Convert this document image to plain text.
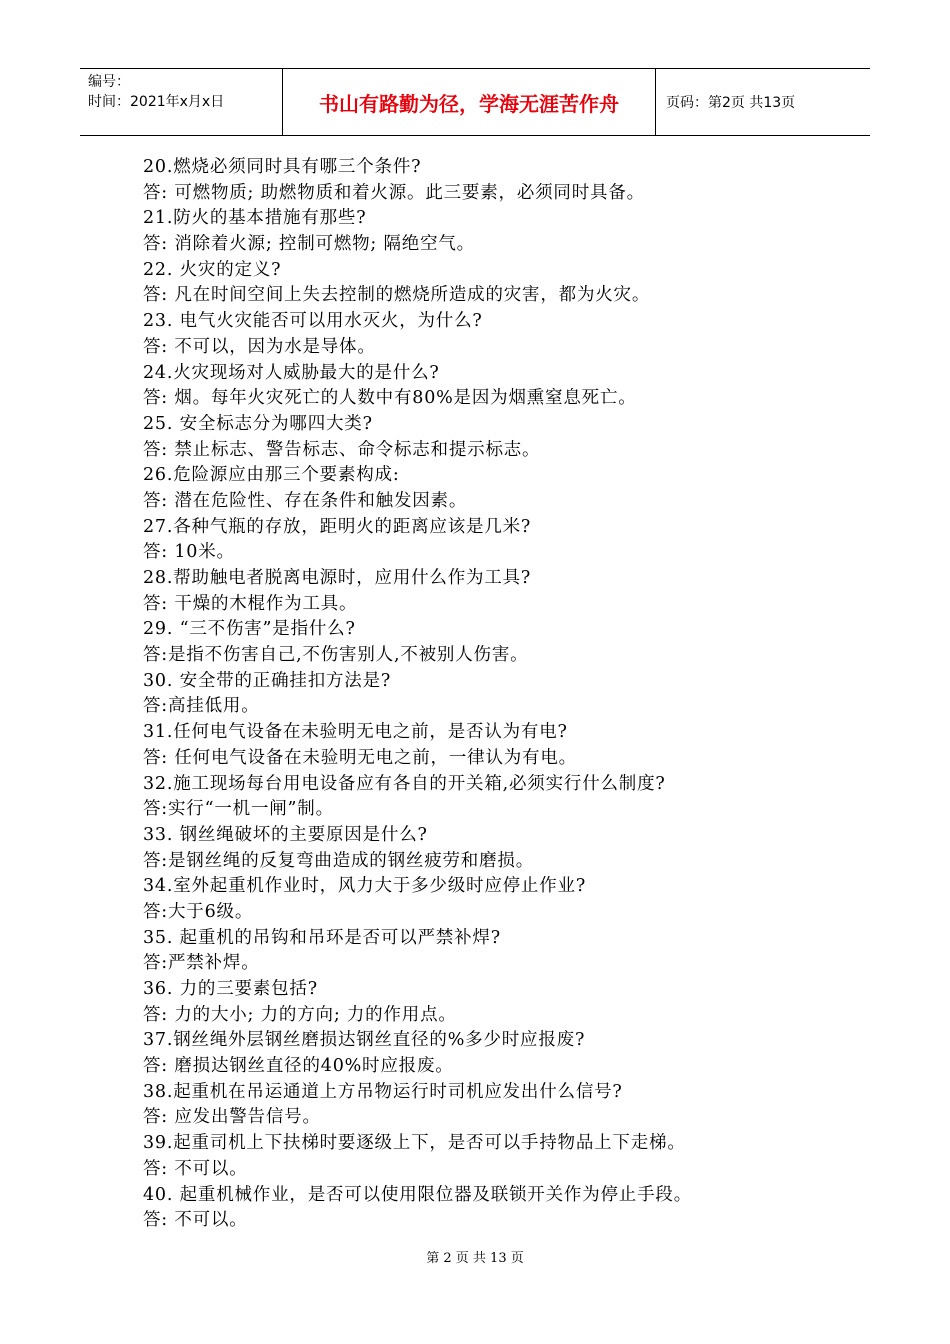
编号：
时间：2021年x月x日	书山有路勤为径，学海无涯苦作舟	页码：第2页 共13页
20.燃烧必须同时具有哪三个条件?
答: 可燃物质; 助燃物质和着火源。此三要素，必须同时具备。
21.防火的基本措施有那些?
答: 消除着火源; 控制可燃物; 隔绝空气。
22. 火灾的定义?
答: 凡在时间空间上失去控制的燃烧所造成的灾害，都为火灾。
23. 电气火灾能否可以用水灭火，为什么?
答: 不可以，因为水是导体。
24.火灾现场对人威胁最大的是什么?
答: 烟。每年火灾死亡的人数中有80%是因为烟熏窒息死亡。
25. 安全标志分为哪四大类?
答: 禁止标志、警告标志、命令标志和提示标志。
26.危险源应由那三个要素构成:
答: 潜在危险性、存在条件和触发因素。
27.各种气瓶的存放，距明火的距离应该是几米?
答: 10米。
28.帮助触电者脱离电源时，应用什么作为工具?
答: 干燥的木棍作为工具。
29. “三不伤害”是指什么?
答:是指不伤害自己,不伤害别人,不被别人伤害。
30. 安全带的正确挂扣方法是?
答:高挂低用。
31.任何电气设备在未验明无电之前，是否认为有电?
答: 任何电气设备在未验明无电之前，一律认为有电。
32.施工现场每台用电设备应有各自的开关箱,必须实行什么制度?
答:实行“一机一闸”制。
33. 钢丝绳破坏的主要原因是什么?
答:是钢丝绳的反复弯曲造成的钢丝疲劳和磨损。
34.室外起重机作业时，风力大于多少级时应停止作业?
答:大于6级。
35. 起重机的吊钩和吊环是否可以严禁补焊?
答:严禁补焊。
36. 力的三要素包括?
答: 力的大小; 力的方向; 力的作用点。
37.钢丝绳外层钢丝磨损达钢丝直径的%多少时应报废?
答: 磨损达钢丝直径的40%时应报废。
38.起重机在吊运通道上方吊物运行时司机应发出什么信号?
答: 应发出警告信号。
39.起重司机上下扶梯时要逐级上下，是否可以手持物品上下走梯。
答: 不可以。
40. 起重机械作业，是否可以使用限位器及联锁开关作为停止手段。
答: 不可以。
第 2 页 共 13 页
